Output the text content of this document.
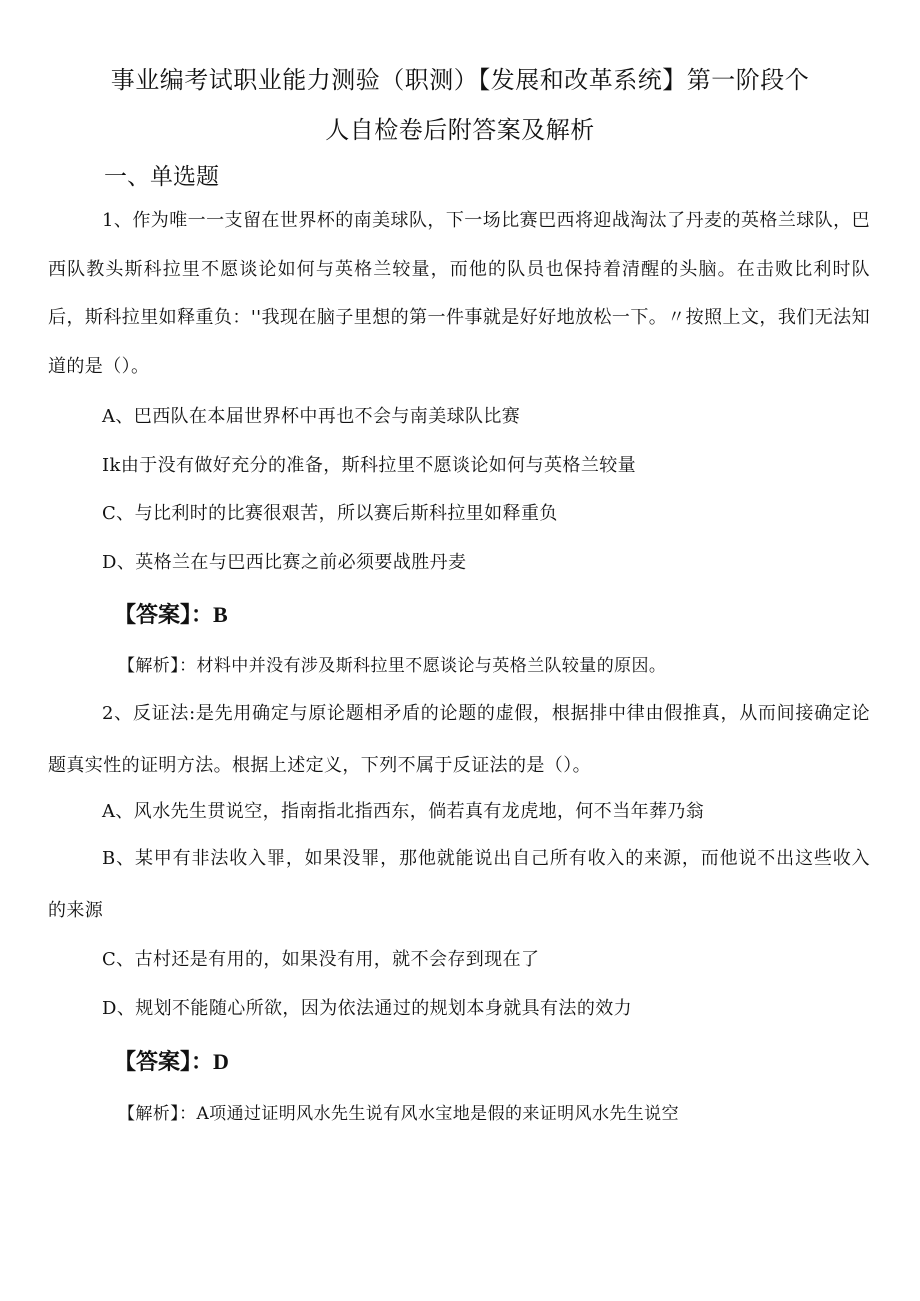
事业编考试职业能力测验（职测）【发展和改革系统】第一阶段个
人自检卷后附答案及解析
一、单选题
1、作为唯一一支留在世界杯的南美球队，下一场比赛巴西将迎战淘汰了丹麦的英格兰球队，巴西队教头斯科拉里不愿谈论如何与英格兰较量，而他的队员也保持着清醒的头脑。在击败比利时队后，斯科拉里如释重负：''我现在脑子里想的第一件事就是好好地放松一下。〃按照上文，我们无法知道的是（）。
A、巴西队在本届世界杯中再也不会与南美球队比赛
Ik由于没有做好充分的准备，斯科拉里不愿谈论如何与英格兰较量
C、与比利时的比赛很艰苦，所以赛后斯科拉里如释重负
D、英格兰在与巴西比赛之前必须要战胜丹麦
【答案】：B
【解析】：材料中并没有涉及斯科拉里不愿谈论与英格兰队较量的原因。
2、反证法:是先用确定与原论题相矛盾的论题的虚假，根据排中律由假推真，从而间接确定论题真实性的证明方法。根据上述定义，下列不属于反证法的是（）。
A、风水先生贯说空，指南指北指西东，倘若真有龙虎地，何不当年葬乃翁
B、某甲有非法收入罪，如果没罪，那他就能说出自己所有收入的来源，而他说不出这些收入的来源
C、古村还是有用的，如果没有用，就不会存到现在了
D、规划不能随心所欲，因为依法通过的规划本身就具有法的效力
【答案】：D
【解析】：A项通过证明风水先生说有风水宝地是假的来证明风水先生说空
